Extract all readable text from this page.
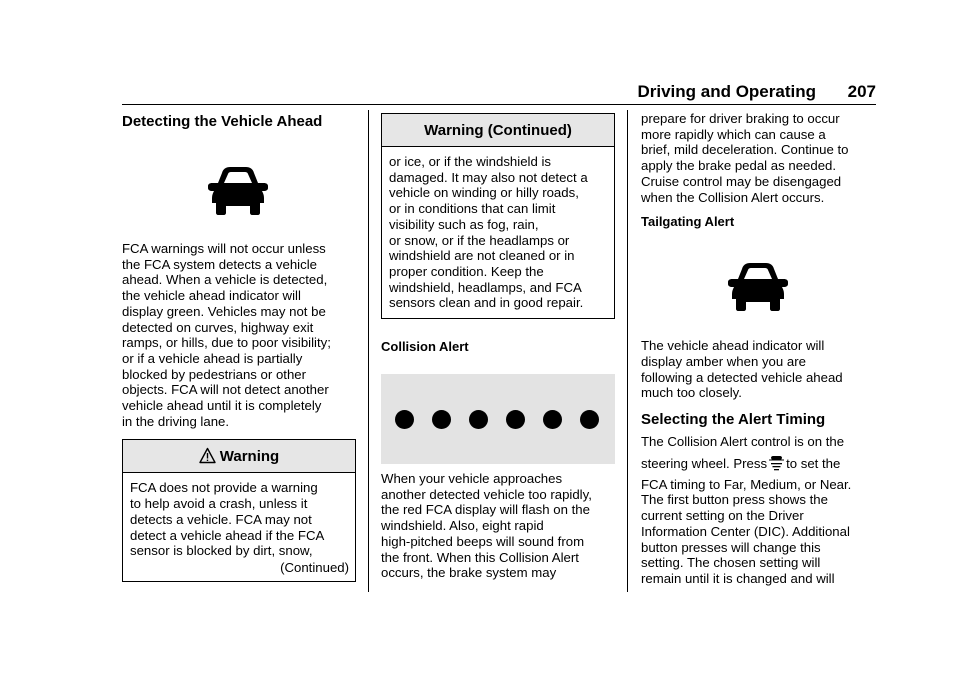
Driving and Operating 207
Detecting the Vehicle Ahead
FCA warnings will not occur unless
the FCA system detects a vehicle
ahead. When a vehicle is detected,
the vehicle ahead indicator will
display green. Vehicles may not be
detected on curves, highway exit
ramps, or hills, due to poor visibility;
or if a vehicle ahead is partially
blocked by pedestrians or other
objects. FCA will not detect another
vehicle ahead until it is completely
in the driving lane.
Warning
FCA does not provide a warning
to help avoid a crash, unless it
detects a vehicle. FCA may not
detect a vehicle ahead if the FCA
sensor is blocked by dirt, snow,
(Continued)
Warning (Continued)
or ice, or if the windshield is
damaged. It may also not detect a
vehicle on winding or hilly roads,
or in conditions that can limit
visibility such as fog, rain,
or snow, or if the headlamps or
windshield are not cleaned or in
proper condition. Keep the
windshield, headlamps, and FCA
sensors clean and in good repair.
Collision Alert
When your vehicle approaches
another detected vehicle too rapidly,
the red FCA display will flash on the
windshield. Also, eight rapid
high-pitched beeps will sound from
the front. When this Collision Alert
occurs, the brake system may
prepare for driver braking to occur
more rapidly which can cause a
brief, mild deceleration. Continue to
apply the brake pedal as needed.
Cruise control may be disengaged
when the Collision Alert occurs.
Tailgating Alert
The vehicle ahead indicator will
display amber when you are
following a detected vehicle ahead
much too closely.
Selecting the Alert Timing
The Collision Alert control is on the
steering wheel. Press to set the
FCA timing to Far, Medium, or Near.
The first button press shows the
current setting on the Driver
Information Center (DIC). Additional
button presses will change this
setting. The chosen setting will
remain until it is changed and will
